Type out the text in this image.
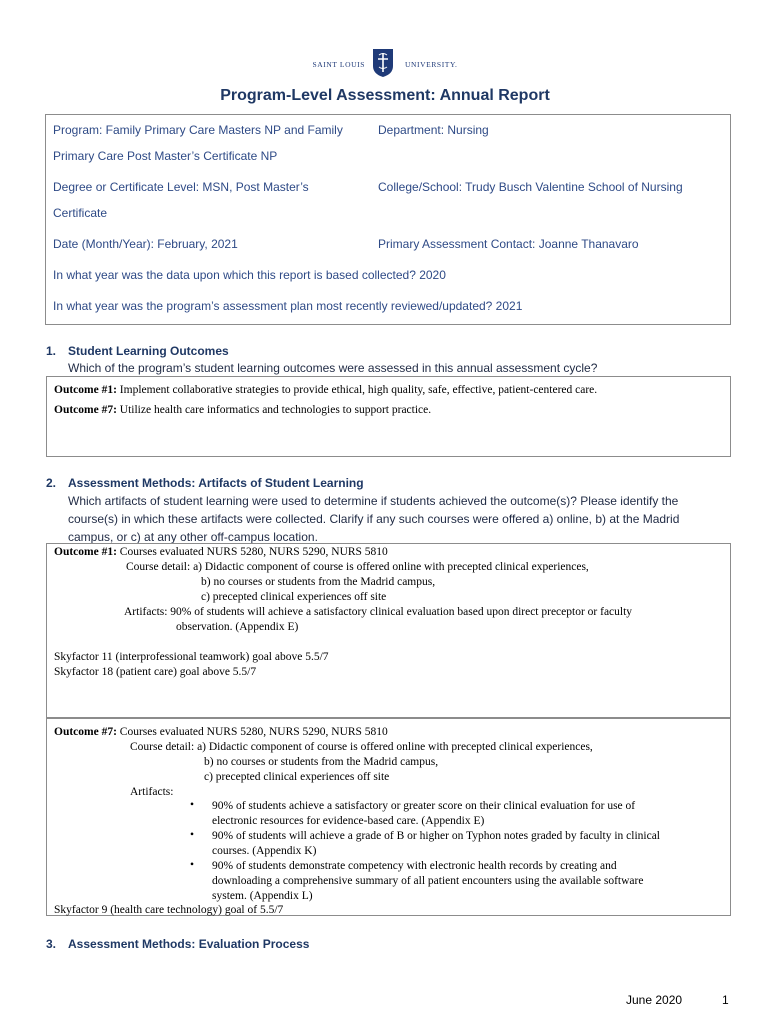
SAINT LOUIS	UNIVERSITY.
Program-Level Assessment: Annual Report
Program: Family Primary Care Masters NP and Family
Primary Care Post Master’s Certificate NP
Department: Nursing
Degree or Certificate Level: MSN, Post Master’s
Certificate
College/School: Trudy Busch Valentine School of Nursing
Date (Month/Year): February, 2021	Primary Assessment Contact: Joanne Thanavaro
In what year was the data upon which this report is based collected? 2020
In what year was the program’s assessment plan most recently reviewed/updated? 2021
1. Student Learning Outcomes
Which of the program’s student learning outcomes were assessed in this annual assessment cycle?
Outcome #1: Implement collaborative strategies to provide ethical, high quality, safe, effective, patient-centered care.
Outcome #7: Utilize health care informatics and technologies to support practice.
2. Assessment Methods: Artifacts of Student Learning
Which artifacts of student learning were used to determine if students achieved the outcome(s)? Please identify the
course(s) in which these artifacts were collected. Clarify if any such courses were offered a) online, b) at the Madrid
campus, or c) at any other off-campus location.
Outcome #1: Courses evaluated NURS 5280, NURS 5290, NURS 5810
Course detail: a) Didactic component of course is offered online with precepted clinical experiences,
b) no courses or students from the Madrid campus,
c) precepted clinical experiences off site
Artifacts: 90% of students will achieve a satisfactory clinical evaluation based upon direct preceptor or faculty
observation. (Appendix E)
Skyfactor 11 (interprofessional teamwork) goal above 5.5/7
Skyfactor 18 (patient care) goal above 5.5/7
Outcome #7: Courses evaluated NURS 5280, NURS 5290, NURS 5810
Course detail: a) Didactic component of course is offered online with precepted clinical experiences,
b) no courses or students from the Madrid campus,
c) precepted clinical experiences off site
Artifacts:
• 90% of students achieve a satisfactory or greater score on their clinical evaluation for use of
electronic resources for evidence-based care. (Appendix E)
• 90% of students will achieve a grade of B or higher on Typhon notes graded by faculty in clinical
courses. (Appendix K)
• 90% of students demonstrate competency with electronic health records by creating and
downloading a comprehensive summary of all patient encounters using the available software
system. (Appendix L)
Skyfactor 9 (health care technology) goal of 5.5/7
3. Assessment Methods: Evaluation Process
June 2020	1
